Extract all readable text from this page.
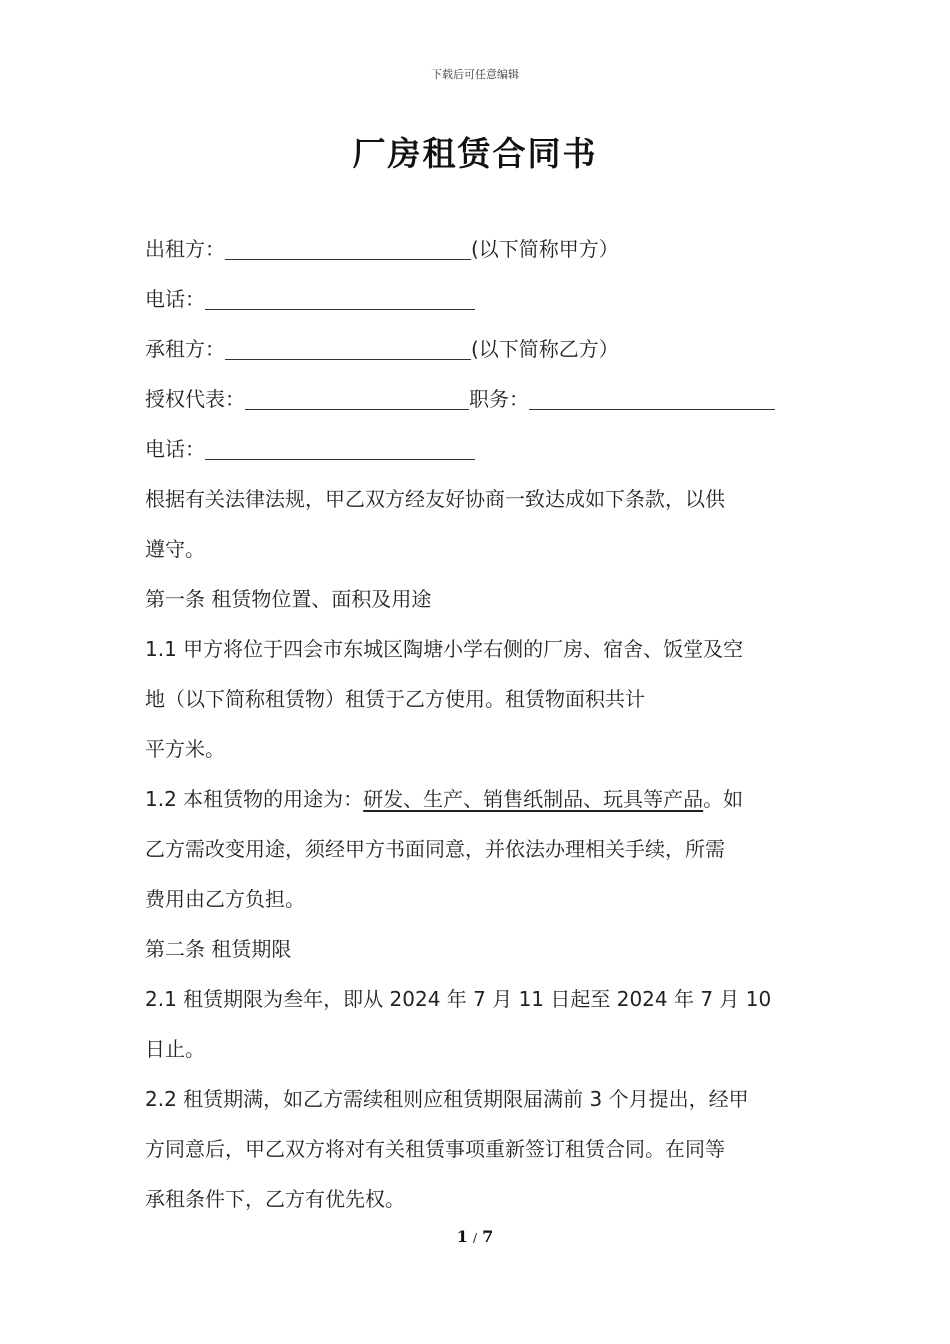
下载后可任意编辑
厂房租赁合同书
出租方：	(以下简称甲方）
电话：
承租方：	(以下简称乙方）
授权代表：	职务：
电话：
根据有关法律法规，甲乙双方经友好协商一致达成如下条款，以供
遵守。
第一条 租赁物位置、面积及用途
1.1 甲方将位于四会市东城区陶塘小学右侧的厂房、宿舍、饭堂及空
地（以下简称租赁物）租赁于乙方使用。租赁物面积共计
平方米。
1.2 本租赁物的用途为：研发、生产、销售纸制品、玩具等产品。如
乙方需改变用途，须经甲方书面同意，并依法办理相关手续，所需
费用由乙方负担。
第二条 租赁期限
2.1 租赁期限为叁年，即从 2024 年 7 月 11 日起至 2024 年 7 月 10
日止。
2.2 租赁期满，如乙方需续租则应租赁期限届满前 3 个月提出，经甲
方同意后，甲乙双方将对有关租赁事项重新签订租赁合同。在同等
承租条件下，乙方有优先权。
1 / 7
